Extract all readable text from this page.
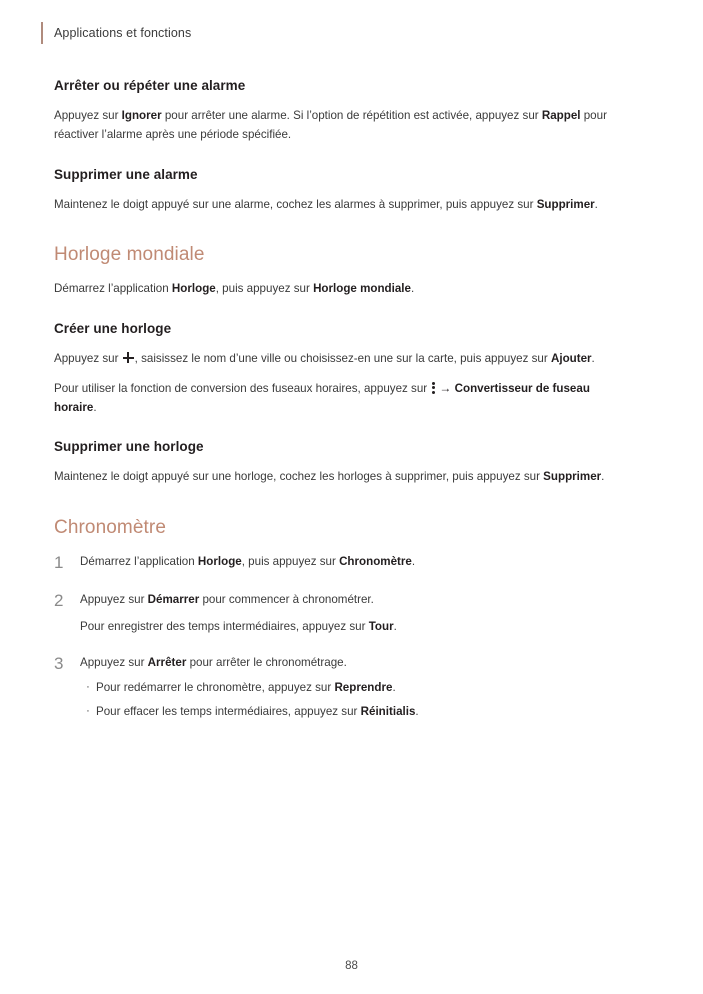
Applications et fonctions
Arrêter ou répéter une alarme

Appuyez sur Ignorer pour arrêter une alarme. Si l’option de répétition est activée, appuyez sur Rappel pour réactiver l’alarme après une période spécifiée.

Supprimer une alarme

Maintenez le doigt appuyé sur une alarme, cochez les alarmes à supprimer, puis appuyez sur Supprimer.

Horloge mondiale

Démarrez l’application Horloge, puis appuyez sur Horloge mondiale.

Créer une horloge

Appuyez sur , saisissez le nom d’une ville ou choisissez-en une sur la carte, puis appuyez sur Ajouter.

Pour utiliser la fonction de conversion des fuseaux horaires, appuyez sur
→ Convertisseur de fuseau horaire.

Supprimer une horloge

Maintenez le doigt appuyé sur une horloge, cochez les horloges à supprimer, puis appuyez sur Supprimer.

Chronomètre
1	Démarrez l’application Horloge, puis appuyez sur Chronomètre.
2	Appuyez sur Démarrer pour commencer à chronométrer.
Pour enregistrer des temps intermédiaires, appuyez sur Tour.
3	Appuyez sur Arrêter pour arrêter le chronométrage.
· Pour redémarrer le chronomètre, appuyez sur Reprendre.
· Pour effacer les temps intermédiaires, appuyez sur Réinitialis.
88
